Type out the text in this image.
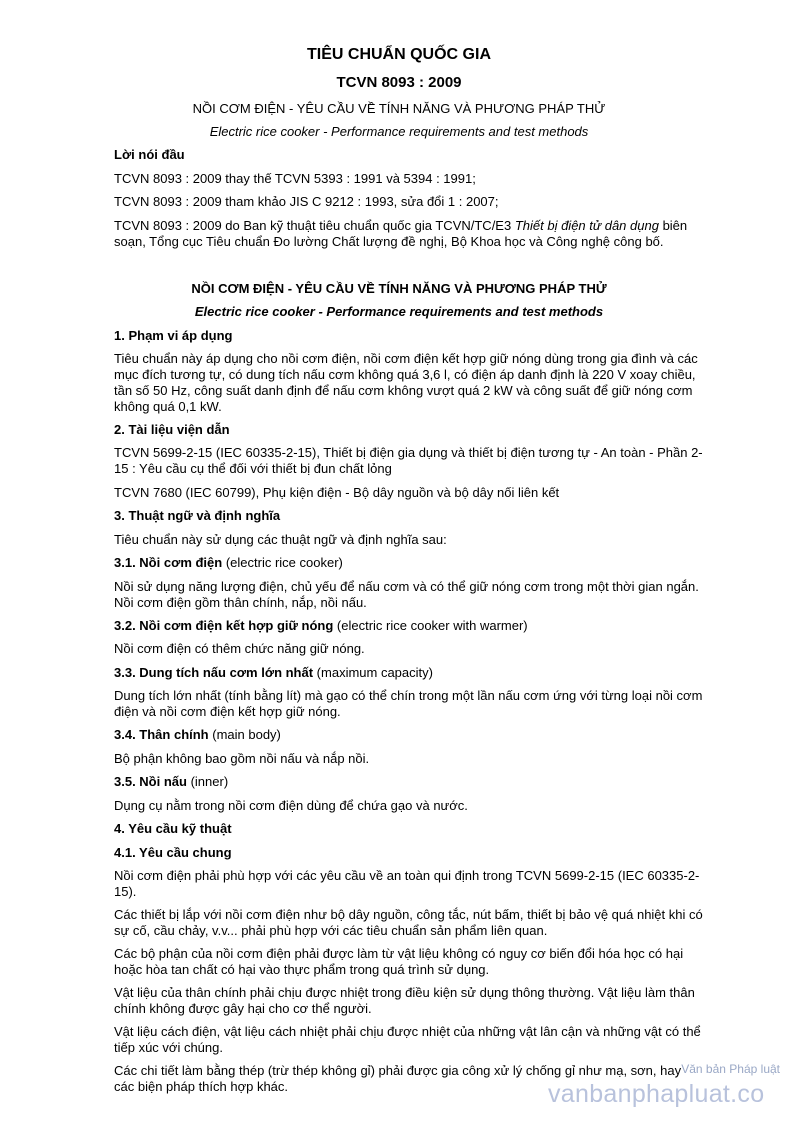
TIÊU CHUẨN QUỐC GIA
TCVN 8093 : 2009
NỒI CƠM ĐIỆN - YÊU CẦU VỀ TÍNH NĂNG VÀ PHƯƠNG PHÁP THỬ
Electric rice cooker - Performance requirements and test methods
Lời nói đầu
TCVN 8093 : 2009 thay thế TCVN 5393 : 1991 và 5394 : 1991;
TCVN 8093 : 2009 tham khảo JIS C 9212 : 1993, sửa đổi 1 : 2007;
TCVN 8093 : 2009 do Ban kỹ thuật tiêu chuẩn quốc gia TCVN/TC/E3 Thiết bị điện tử dân dụng biên
soạn, Tổng cục Tiêu chuẩn Đo lường Chất lượng đề nghị, Bộ Khoa học và Công nghệ công bố.
NỒI CƠM ĐIỆN - YÊU CẦU VỀ TÍNH NĂNG VÀ PHƯƠNG PHÁP THỬ
Electric rice cooker - Performance requirements and test methods
1. Phạm vi áp dụng
Tiêu chuẩn này áp dụng cho nồi cơm điện, nồi cơm điện kết hợp giữ nóng dùng trong gia đình và các
mục đích tương tự, có dung tích nấu cơm không quá 3,6 l, có điện áp danh định là 220 V xoay chiều,
tần số 50 Hz, công suất danh định để nấu cơm không vượt quá 2 kW và công suất để giữ nóng cơm
không quá 0,1 kW.
2. Tài liệu viện dẫn
TCVN 5699-2-15 (IEC 60335-2-15), Thiết bị điện gia dụng và thiết bị điện tương tự - An toàn - Phần 2-
15 : Yêu cầu cụ thể đối với thiết bị đun chất lỏng
TCVN 7680 (IEC 60799), Phụ kiện điện - Bộ dây nguồn và bộ dây nối liên kết
3. Thuật ngữ và định nghĩa
Tiêu chuẩn này sử dụng các thuật ngữ và định nghĩa sau:
3.1. Nồi cơm điện (electric rice cooker)
Nồi sử dụng năng lượng điện, chủ yếu để nấu cơm và có thể giữ nóng cơm trong một thời gian ngắn.
Nồi cơm điện gồm thân chính, nắp, nồi nấu.
3.2. Nồi cơm điện kết hợp giữ nóng (electric rice cooker with warmer)
Nồi cơm điện có thêm chức năng giữ nóng.
3.3. Dung tích nấu cơm lớn nhất (maximum capacity)
Dung tích lớn nhất (tính bằng lít) mà gạo có thể chín trong một lần nấu cơm ứng với từng loại nồi cơm
điện và nồi cơm điện kết hợp giữ nóng.
3.4. Thân chính (main body)
Bộ phận không bao gồm nồi nấu và nắp nồi.
3.5. Nồi nấu (inner)
Dụng cụ nằm trong nồi cơm điện dùng để chứa gạo và nước.
4. Yêu cầu kỹ thuật
4.1. Yêu cầu chung
Nồi cơm điện phải phù hợp với các yêu cầu về an toàn qui định trong TCVN 5699-2-15 (IEC 60335-2-
15).
Các thiết bị lắp với nồi cơm điện như bộ dây nguồn, công tắc, nút bấm, thiết bị bảo vệ quá nhiệt khi có
sự cố, cầu chảy, v.v... phải phù hợp với các tiêu chuẩn sản phẩm liên quan.
Các bộ phận của nồi cơm điện phải được làm từ vật liệu không có nguy cơ biến đổi hóa học có hại
hoặc hòa tan chất có hại vào thực phẩm trong quá trình sử dụng.
Vật liệu của thân chính phải chịu được nhiệt trong điều kiện sử dụng thông thường. Vật liệu làm thân
chính không được gây hại cho cơ thể người.
Vật liệu cách điện, vật liệu cách nhiệt phải chịu được nhiệt của những vật lân cận và những vật có thể
tiếp xúc với chúng.
Các chi tiết làm bằng thép (trừ thép không gỉ) phải được gia công xử lý chống gỉ như mạ, sơn, hay
các biện pháp thích hợp khác.
Văn bản Pháp luật
vanbanphapluat.co
